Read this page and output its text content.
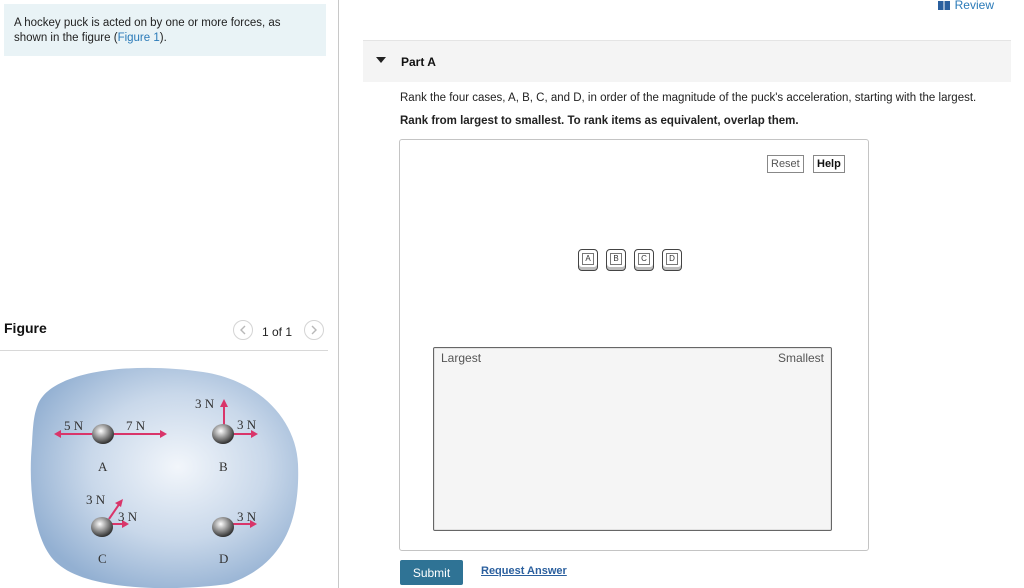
A hockey puck is acted on by one or more forces, as shown in the figure (Figure 1).
Figure	1 of 1
5 N	7 N
A
3 N
3 N
B
3 N
3 N
C
3 N
D
Review
Part A
Rank the four cases, A, B, C, and D, in order of the magnitude of the puck's acceleration, starting with the largest.
Rank from largest to smallest. To rank items as equivalent, overlap them.
Reset	Help
A	B	C	D
Largest	Smallest
Submit	Request Answer
